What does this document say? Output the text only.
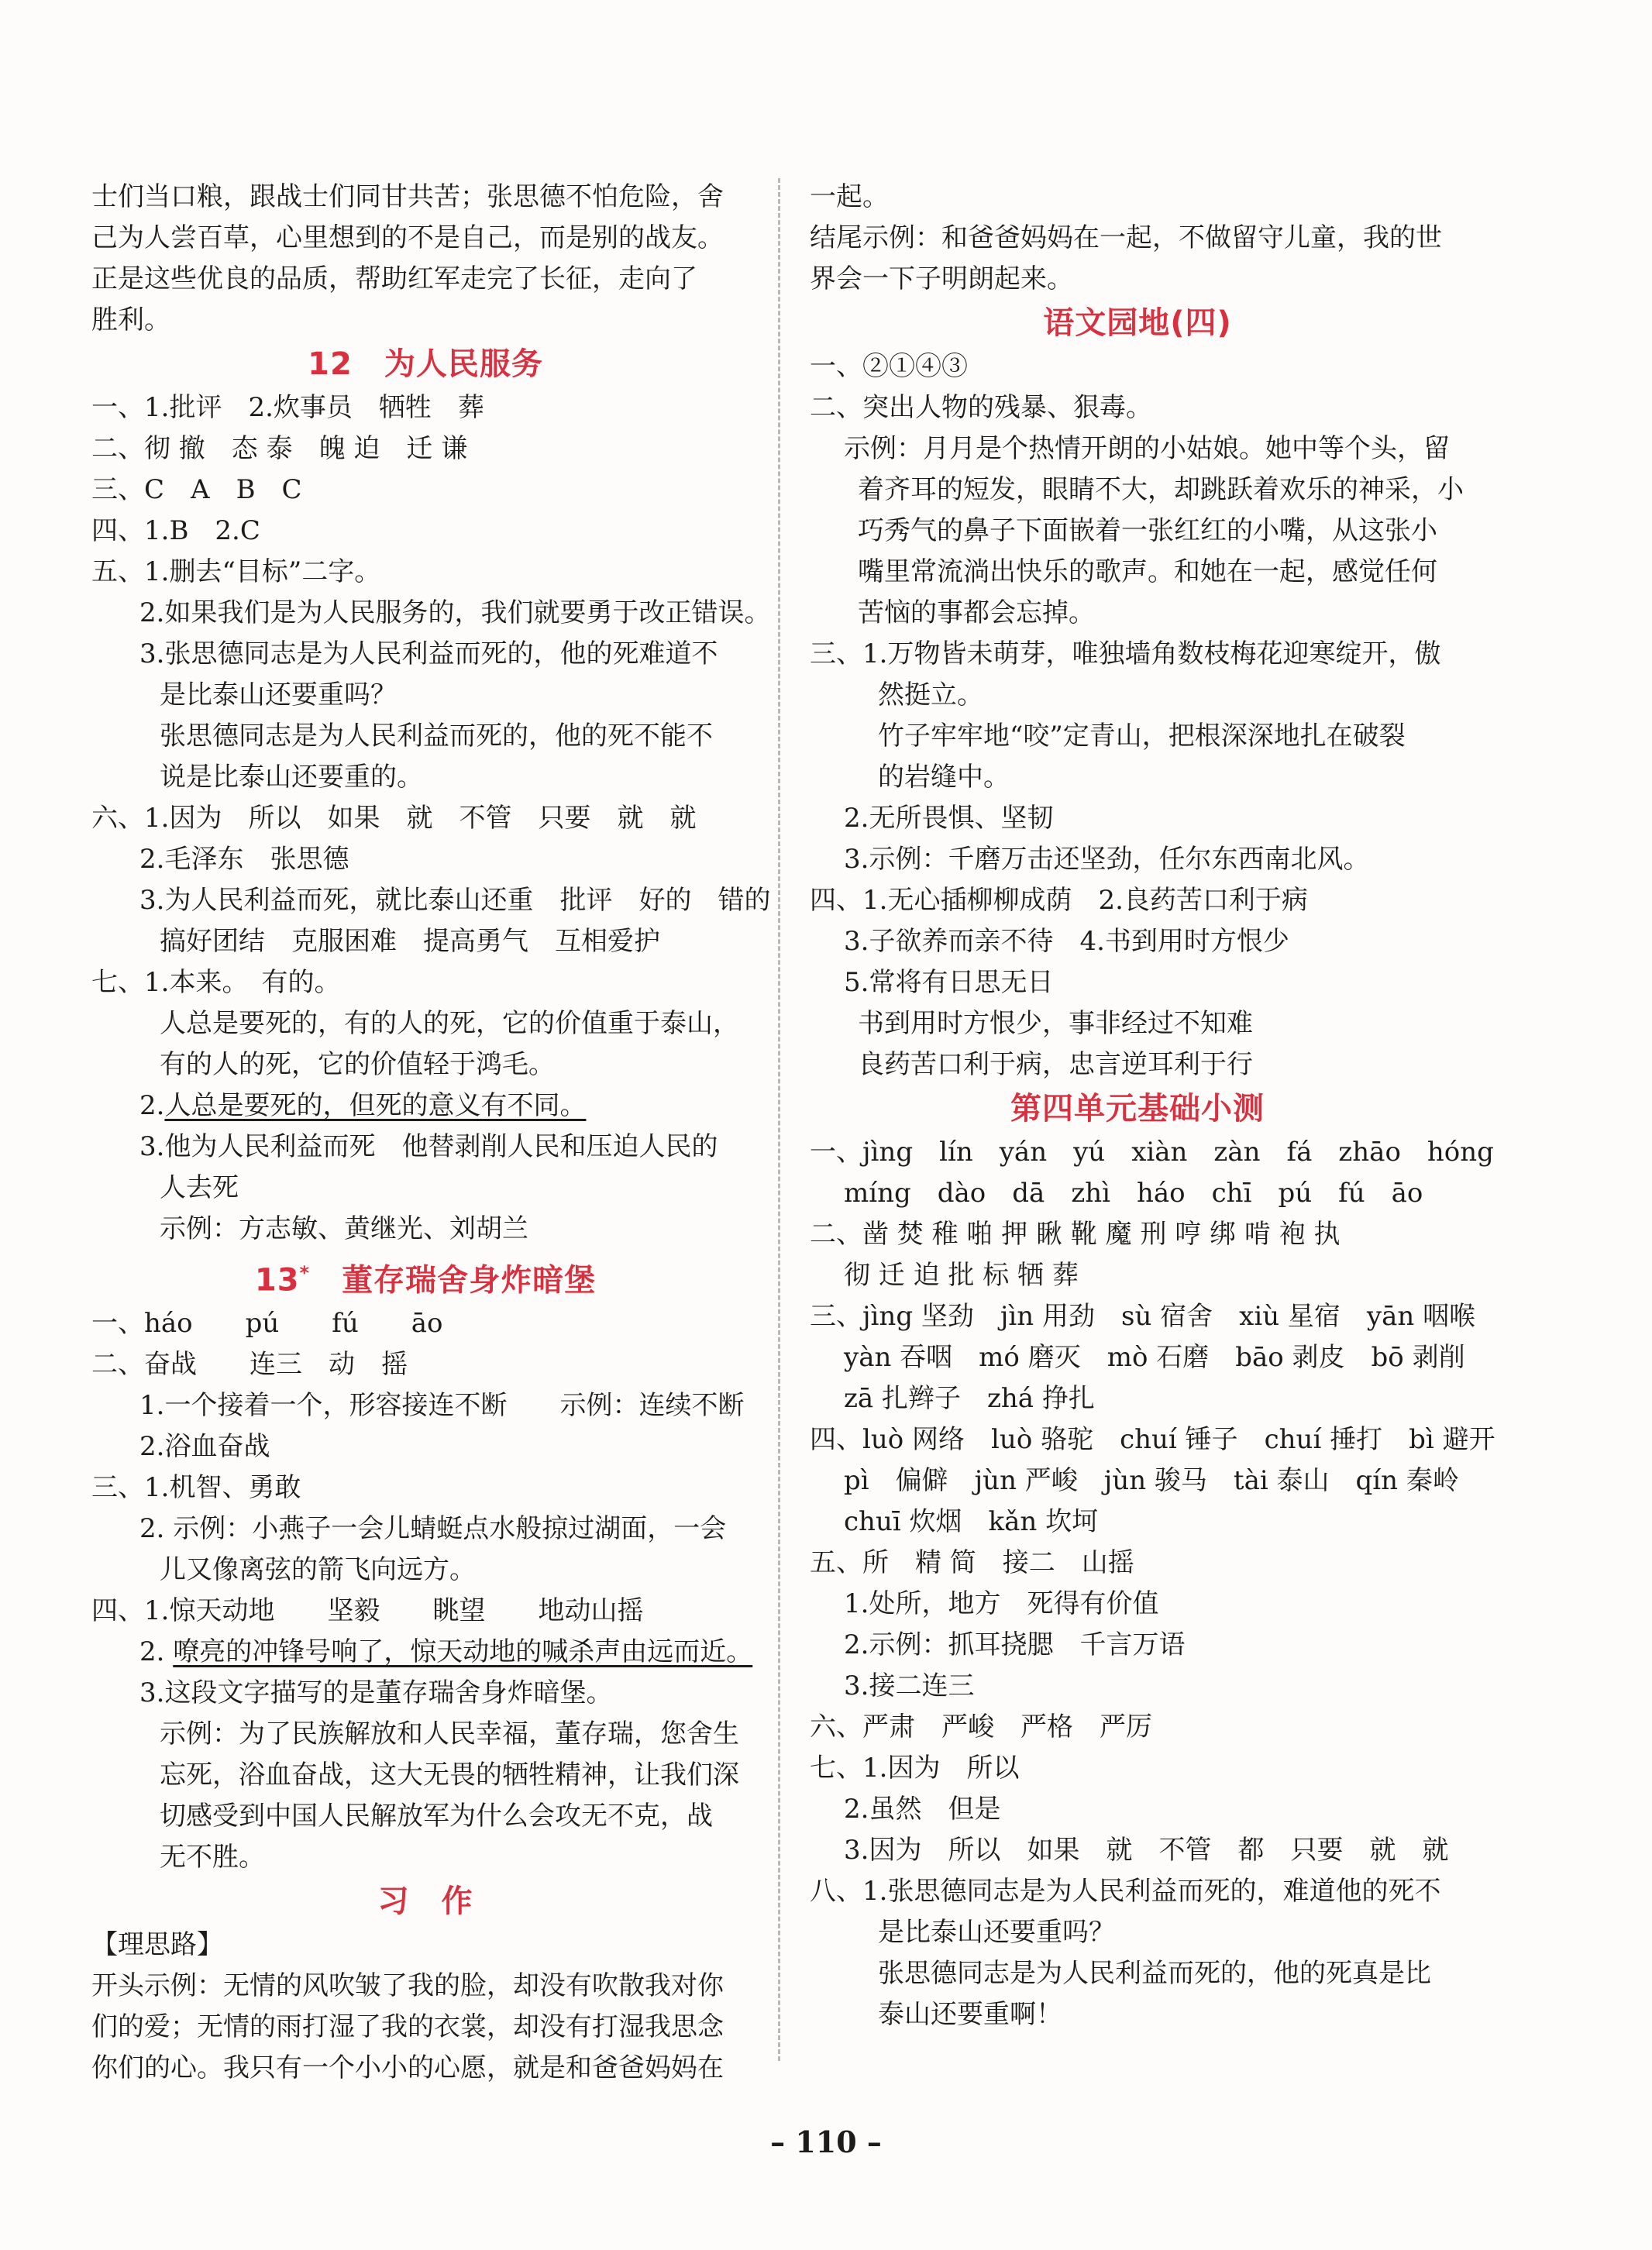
士们当口粮，跟战士们同甘共苦；张思德不怕危险，舍
己为人尝百草，心里想到的不是自己，而是别的战友。
正是这些优良的品质，帮助红军走完了长征，走向了
胜利。
12　为人民服务
一、1.批评　2.炊事员　牺牲　葬
二、彻 撤　态 泰　魄 迫　迁 谦
三、C　A　B　C
四、1.B　2.C
五、1.删去“目标”二字。
2.如果我们是为人民服务的，我们就要勇于改正错误。
3.张思德同志是为人民利益而死的，他的死难道不
是比泰山还要重吗？
张思德同志是为人民利益而死的，他的死不能不
说是比泰山还要重的。
六、1.因为　所以　如果　就　不管　只要　就　就
2.毛泽东　张思德
3.为人民利益而死，就比泰山还重　批评　好的　错的
搞好团结　克服困难　提高勇气　互相爱护
七、1.本来。　有的。
人总是要死的，有的人的死，它的价值重于泰山，
有的人的死，它的价值轻于鸿毛。
2.人总是要死的，但死的意义有不同。
3.他为人民利益而死　他替剥削人民和压迫人民的
人去死
示例：方志敏、黄继光、刘胡兰
13*　董存瑞舍身炸暗堡
一、háo　　pú　　fú　　āo
二、奋战　　连三　动　摇
1.一个接着一个，形容接连不断　　示例：连续不断
2.浴血奋战
三、1.机智、勇敢
2. 示例：小燕子一会儿蜻蜓点水般掠过湖面，一会
儿又像离弦的箭飞向远方。
四、1.惊天动地　　坚毅　　眺望　　地动山摇
2. 嘹亮的冲锋号响了，惊天动地的喊杀声由远而近。
3.这段文字描写的是董存瑞舍身炸暗堡。
示例：为了民族解放和人民幸福，董存瑞，您舍生
忘死，浴血奋战，这大无畏的牺牲精神，让我们深
切感受到中国人民解放军为什么会攻无不克，战
无不胜。
习　作
【理思路】
开头示例：无情的风吹皱了我的脸，却没有吹散我对你
们的爱；无情的雨打湿了我的衣裳，却没有打湿我思念
你们的心。我只有一个小小的心愿，就是和爸爸妈妈在
一起。
结尾示例：和爸爸妈妈在一起，不做留守儿童，我的世
界会一下子明朗起来。
语文园地(四)
一、②①④③
二、突出人物的残暴、狠毒。
示例：月月是个热情开朗的小姑娘。她中等个头，留
着齐耳的短发，眼睛不大，却跳跃着欢乐的神采，小
巧秀气的鼻子下面嵌着一张红红的小嘴，从这张小
嘴里常流淌出快乐的歌声。和她在一起，感觉任何
苦恼的事都会忘掉。
三、1.万物皆未萌芽，唯独墙角数枝梅花迎寒绽开，傲
然挺立。
竹子牢牢地“咬”定青山，把根深深地扎在破裂
的岩缝中。
2.无所畏惧、坚韧
3.示例：千磨万击还坚劲，任尔东西南北风。
四、1.无心插柳柳成荫　2.良药苦口利于病
3.子欲养而亲不待　4.书到用时方恨少
5.常将有日思无日
书到用时方恨少，事非经过不知难
良药苦口利于病，忠言逆耳利于行
第四单元基础小测
一、jìng　lín　yán　yú　xiàn　zàn　fá　zhāo　hóng
míng　dào　dā　zhì　háo　chī　pú　fú　āo
二、凿 焚 稚 啪 押 瞅 靴 魔 刑 哼 绑 啃 袍 执
彻 迁 迫 批 标 牺 葬
三、jìng 坚劲　jìn 用劲　sù 宿舍　xiù 星宿　yān 咽喉
yàn 吞咽　mó 磨灭　mò 石磨　bāo 剥皮　bō 剥削
zā 扎辫子　zhá 挣扎
四、luò 网络　luò 骆驼　chuí 锤子　chuí 捶打　bì 避开
pì　偏僻　jùn 严峻　jùn 骏马　tài 泰山　qín 秦岭
chuī 炊烟　kǎn 坎坷
五、所　精 简　接二　山摇
1.处所，地方　死得有价值
2.示例：抓耳挠腮　千言万语
3.接二连三
六、严肃　严峻　严格　严厉
七、1.因为　所以
2.虽然　但是
3.因为　所以　如果　就　不管　都　只要　就　就
八、1.张思德同志是为人民利益而死的，难道他的死不
是比泰山还要重吗？
张思德同志是为人民利益而死的，他的死真是比
泰山还要重啊！
– 110 –
